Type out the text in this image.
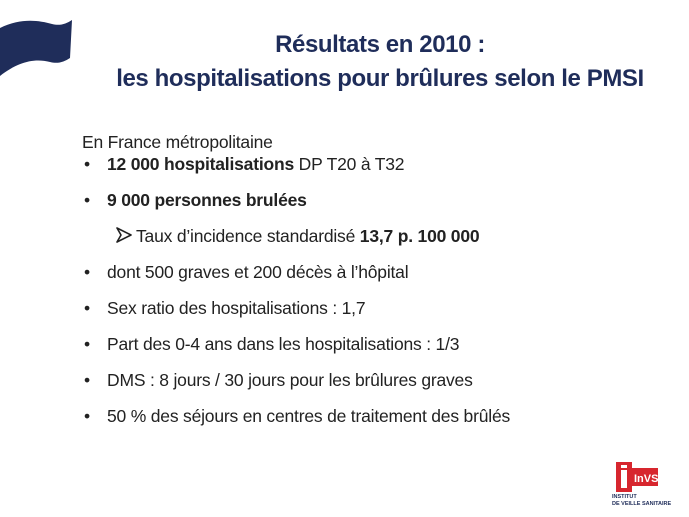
Résultats en 2010 :
les hospitalisations pour brûlures selon le PMSI
En France métropolitaine
• 12 000 hospitalisations DP T20 à T32
• 9 000 personnes brulées
Taux d’incidence standardisé 13,7 p. 100 000
• dont 500 graves et 200 décès à l’hôpital
• Sex ratio des hospitalisations : 1,7
• Part des 0-4 ans dans les hospitalisations : 1/3
• DMS : 8 jours / 30 jours pour les brûlures graves
• 50 % des séjours en centres de traitement des brûlés
InVS
INSTITUT
DE VEILLE SANITAIRE
